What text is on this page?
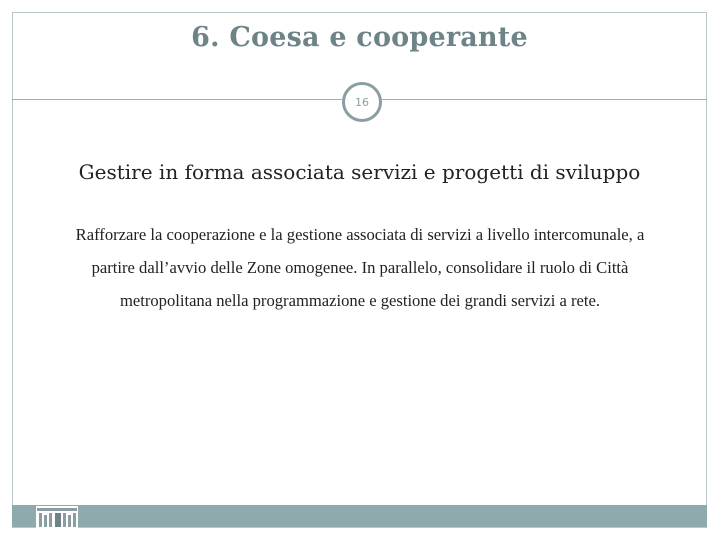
6. Coesa e cooperante
16
Gestire in forma associata servizi e progetti di sviluppo
Rafforzare la cooperazione e la gestione associata di servizi a livello intercomunale, a
partire dall’avvio delle Zone omogenee. In parallelo, consolidare il ruolo di Città
metropolitana nella programmazione e gestione dei grandi servizi a rete.
